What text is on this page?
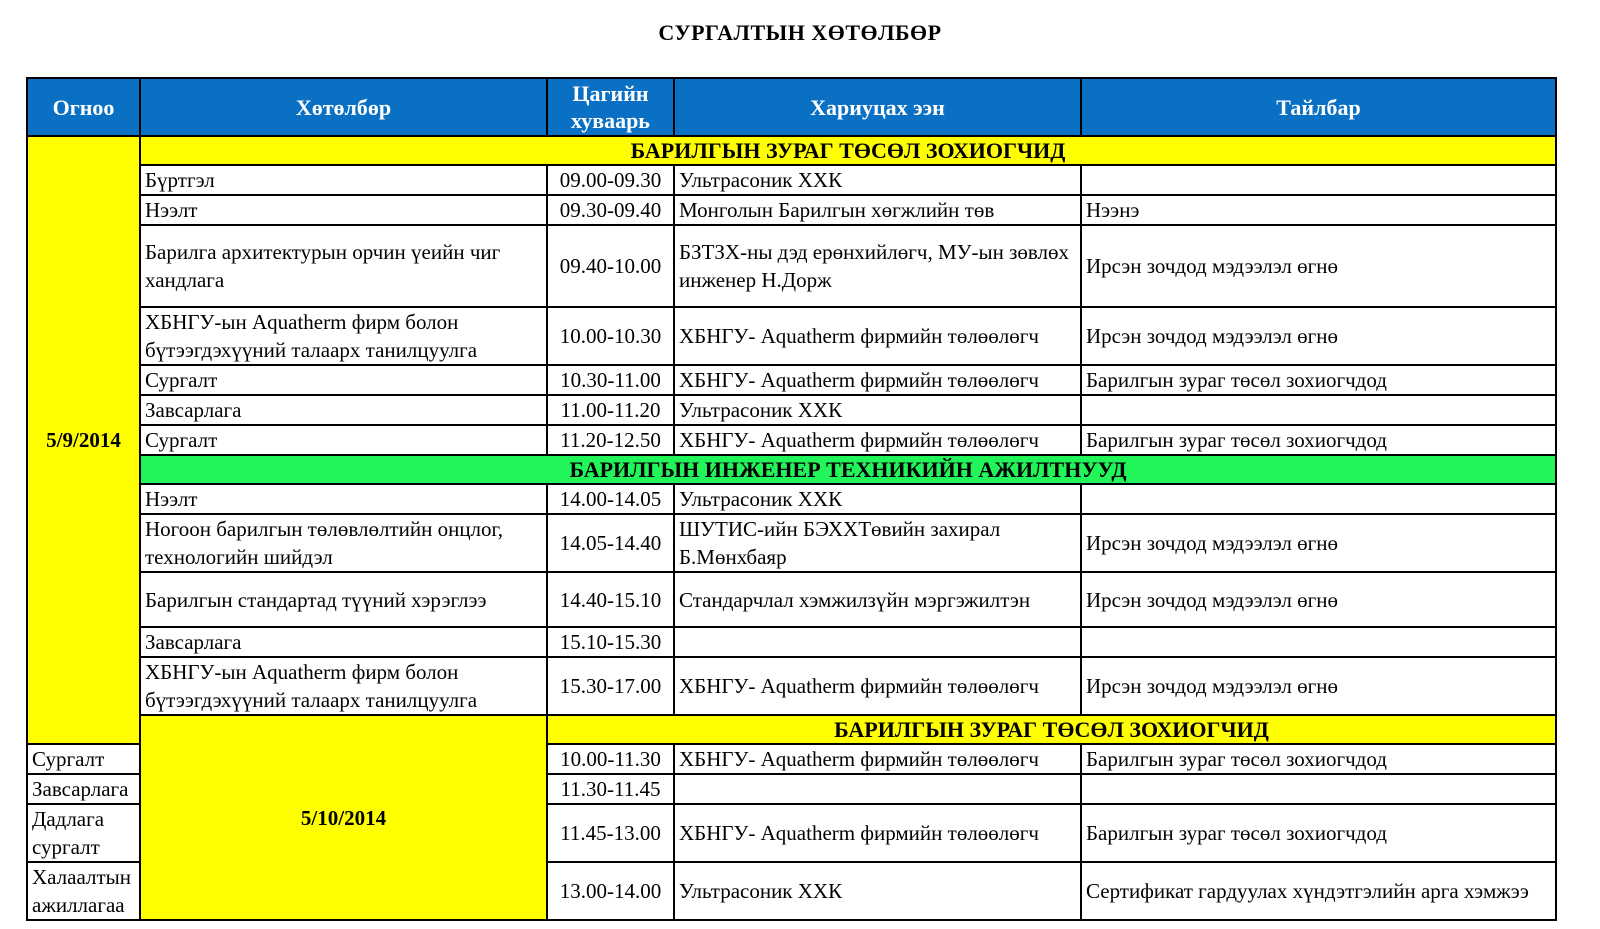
СУРГАЛТЫН ХӨТӨЛБӨР
Огноо	Хөтөлбөр	Цагийн хуваарь	Хариуцах ээн	Тайлбар
5/9/2014	БАРИЛГЫН ЗУРАГ ТӨСӨЛ ЗОХИОГЧИД			
	Бүртгэл	09.00-09.30	Ультрасоник ХХК	
	Нээлт	09.30-09.40	Монголын Барилгын хөгжлийн төв	Нээнэ
	Барилга архитектурын орчин үеийн чиг хандлага	09.40-10.00	БЗТЗХ-ны дэд ерөнхийлөгч, МУ-ын зөвлөх инженер Н.Дорж	Ирсэн зочдод мэдээлэл өгнө
	ХБНГУ-ын Aquatherm фирм болон бүтээгдэхүүний талаарх танилцуулга	10.00-10.30	ХБНГУ- Aquatherm фирмийн төлөөлөгч	Ирсэн зочдод мэдээлэл өгнө
	Сургалт	10.30-11.00	ХБНГУ- Aquatherm фирмийн төлөөлөгч	Барилгын зураг төсөл зохиогчдод
	Завсарлага	11.00-11.20	Ультрасоник ХХК	
	Сургалт	11.20-12.50	ХБНГУ- Aquatherm фирмийн төлөөлөгч	Барилгын зураг төсөл зохиогчдод
	БАРИЛГЫН ИНЖЕНЕР ТЕХНИКИЙН АЖИЛТНУУД			
	Нээлт	14.00-14.05	Ультрасоник ХХК	
	Ногоон барилгын төлөвлөлтийн онцлог, технологийн шийдэл	14.05-14.40	ШУТИС-ийн БЭХХТөвийн захирал Б.Мөнхбаяр	Ирсэн зочдод мэдээлэл өгнө
	Барилгын стандартад түүний хэрэглээ	14.40-15.10	Стандарчлал хэмжилзүйн мэргэжилтэн	Ирсэн зочдод мэдээлэл өгнө
	Завсарлага	15.10-15.30		
	ХБНГУ-ын Aquatherm фирм болон бүтээгдэхүүний талаарх танилцуулга	15.30-17.00	ХБНГУ- Aquatherm фирмийн төлөөлөгч	Ирсэн зочдод мэдээлэл өгнө
	5/10/2014	БАРИЛГЫН ЗУРАГ ТӨСӨЛ ЗОХИОГЧИД		
Сургалт		10.00-11.30	ХБНГУ- Aquatherm фирмийн төлөөлөгч	Барилгын зураг төсөл зохиогчдод
Завсарлага		11.30-11.45		
Дадлага сургалт		11.45-13.00	ХБНГУ- Aquatherm фирмийн төлөөлөгч	Барилгын зураг төсөл зохиогчдод
Халаалтын ажиллагаа		13.00-14.00	Ультрасоник ХХК	Сертификат гардуулах хүндэтгэлийн арга хэмжээ
